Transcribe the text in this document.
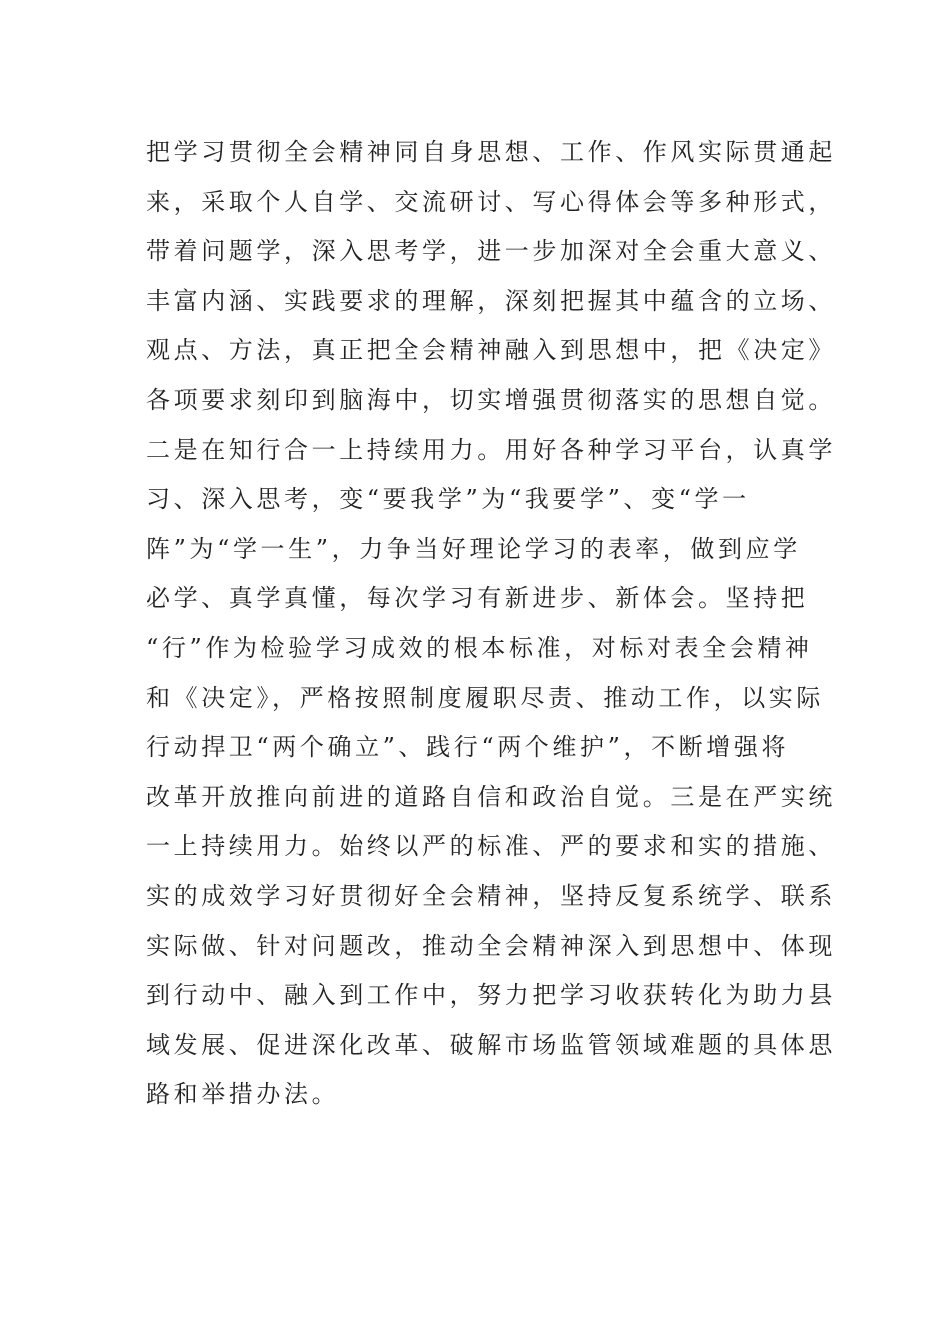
把学习贯彻全会精神同自身思想、工作、作风实际贯通起
来，采取个人自学、交流研讨、写心得体会等多种形式，
带着问题学，深入思考学，进一步加深对全会重大意义、
丰富内涵、实践要求的理解，深刻把握其中蕴含的立场、
观点、方法，真正把全会精神融入到思想中，把《决定》
各项要求刻印到脑海中，切实增强贯彻落实的思想自觉。
二是在知行合一上持续用力。用好各种学习平台，认真学
习、深入思考，变“要我学”为“我要学”、变“学一
阵”为“学一生”，力争当好理论学习的表率，做到应学
必学、真学真懂，每次学习有新进步、新体会。坚持把
“行”作为检验学习成效的根本标准，对标对表全会精神
和《决定》，严格按照制度履职尽责、推动工作，以实际
行动捍卫“两个确立”、践行“两个维护”，不断增强将
改革开放推向前进的道路自信和政治自觉。三是在严实统
一上持续用力。始终以严的标准、严的要求和实的措施、
实的成效学习好贯彻好全会精神，坚持反复系统学、联系
实际做、针对问题改，推动全会精神深入到思想中、体现
到行动中、融入到工作中，努力把学习收获转化为助力县
域发展、促进深化改革、破解市场监管领域难题的具体思
路和举措办法。
